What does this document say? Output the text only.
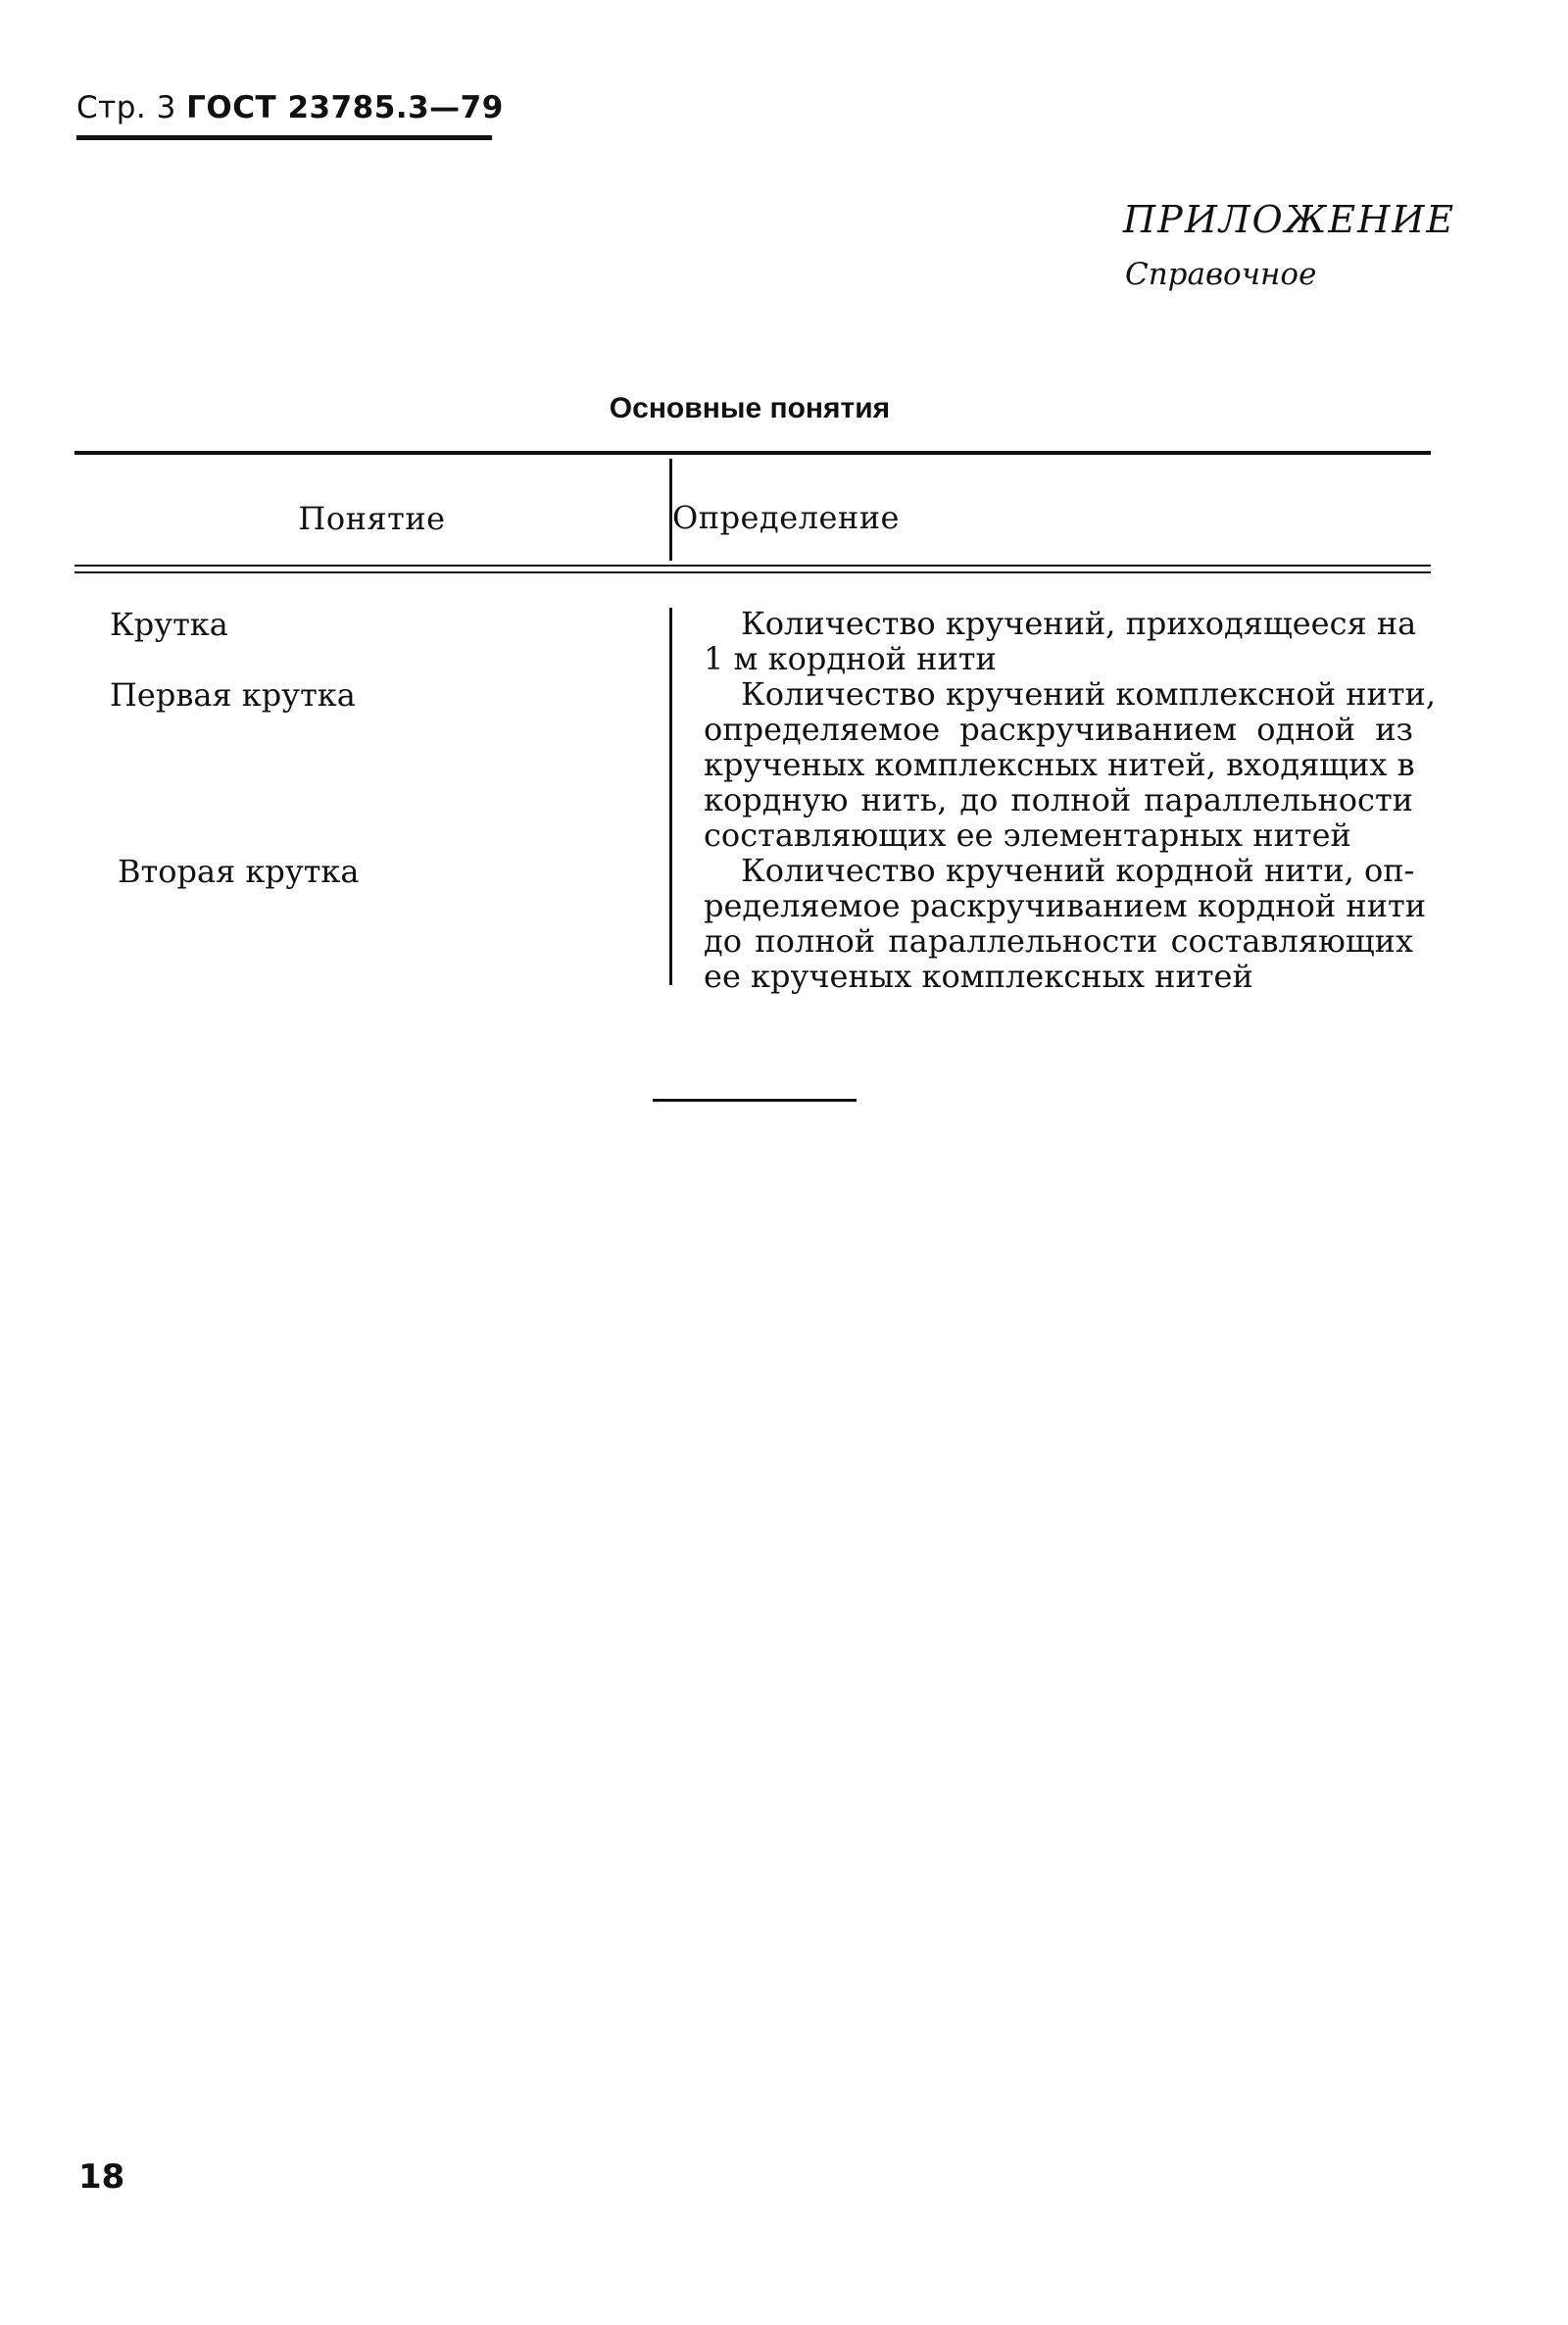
Стр. 3 ГОСТ 23785.3—79
ПРИЛОЖЕНИЕ
Справочное
Основные понятия
Понятие	Определение
Крутка	Количество кручений, приходящееся на
1 м кордной нити
Первая крутка	Количество кручений комплексной нити,
определяемое раскручиванием одной из
крученых комплексных нитей, входящих в
кордную нить, до полной параллельности
составляющих ее элементарных нитей
Вторая крутка	Количество кручений кордной нити, оп-
ределяемое раскручиванием кордной нити
до полной параллельности составляющих
ее крученых комплексных нитей
18
